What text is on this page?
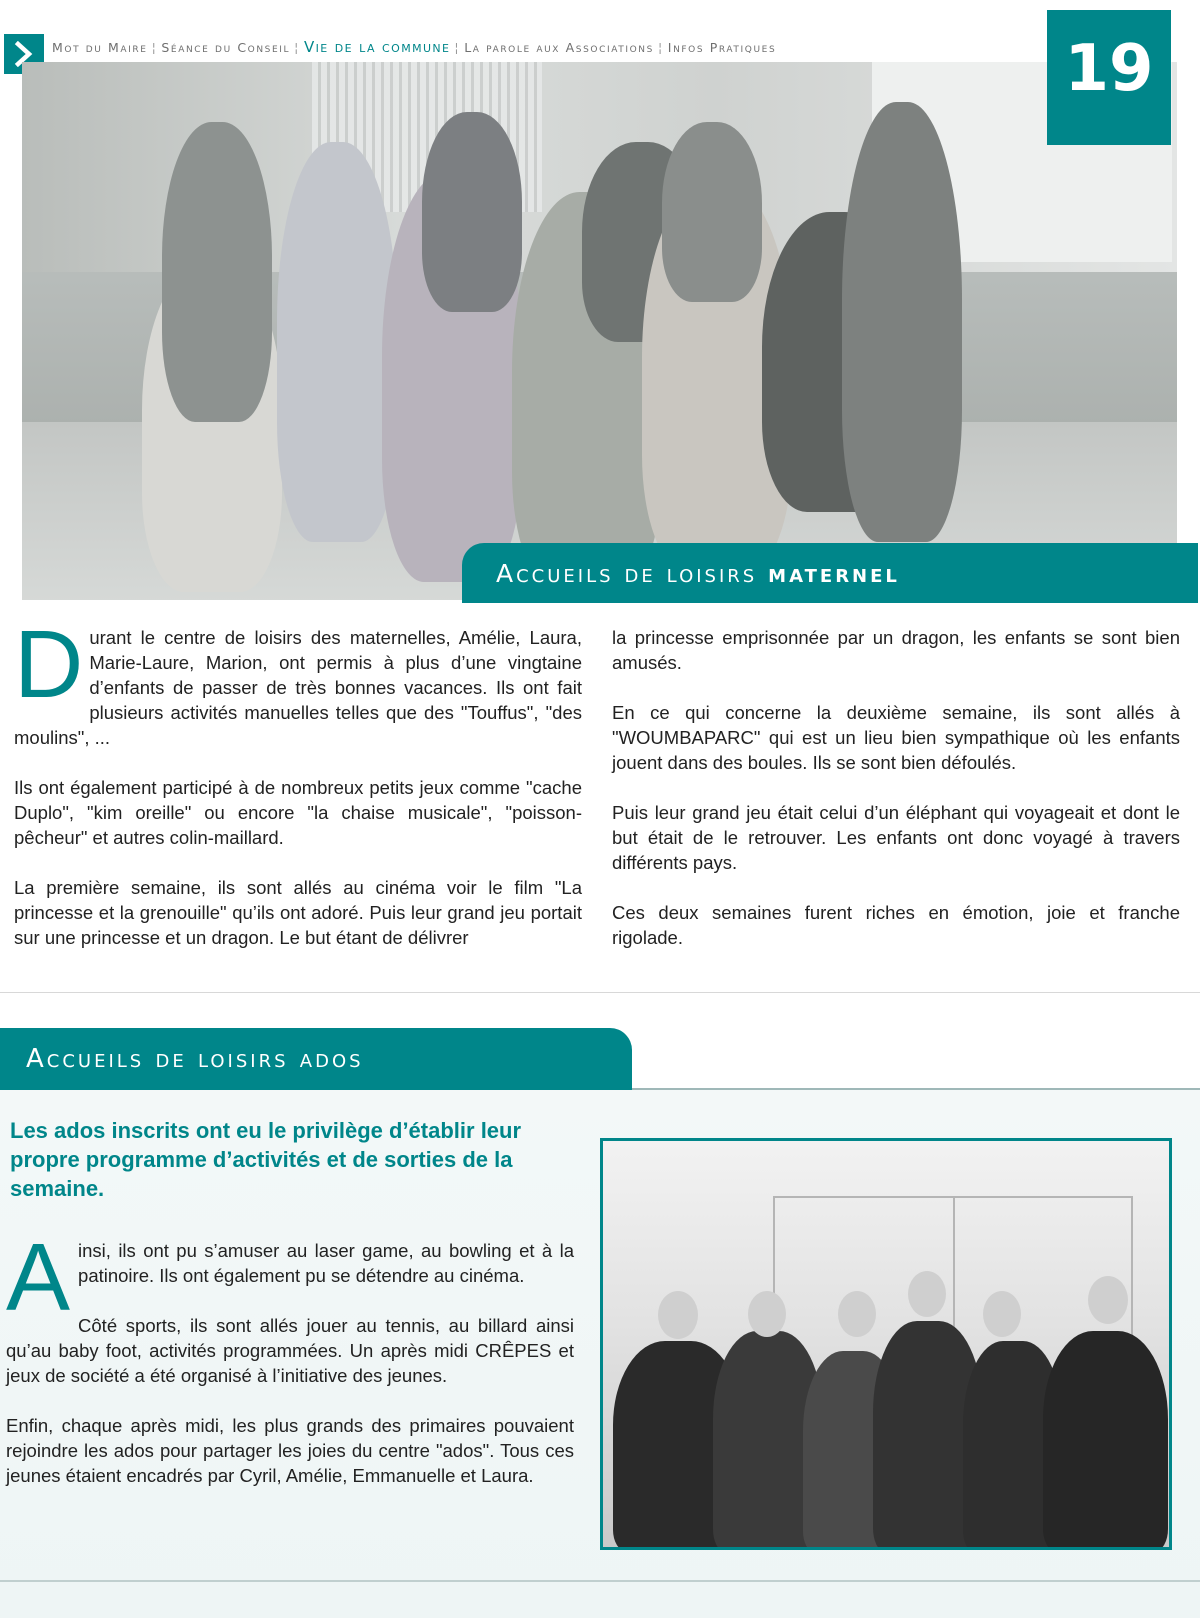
Mot du Maire ¦ Séance du Conseil ¦ Vie de la commune ¦ La parole aux Associations ¦ Infos Pratiques	19
Accueils de loisirs
maternel

Durant le centre de loisirs des maternelles, Amélie, Laura, Marie-Laure, Marion, ont permis à plus d’une vingtaine d’enfants de passer de très bonnes vacances. Ils ont fait plusieurs activités manuelles telles que des "Touffus", "des moulins", ...

Ils ont également participé à de nombreux petits jeux comme "cache Duplo", "kim oreille" ou encore "la chaise musicale", "poisson-pêcheur" et autres colin-maillard.

La première semaine, ils sont allés au cinéma voir le film "La princesse et la grenouille" qu’ils ont adoré. Puis leur grand jeu portait sur une princesse et un dragon. Le but étant de délivrer

la princesse emprisonnée par un dragon, les enfants se sont bien amusés.

En ce qui concerne la deuxième semaine, ils sont allés à "WOUMBAPARC" qui est un lieu bien sympathique où les enfants jouent dans des boules. Ils se sont bien défoulés.

Puis leur grand jeu était celui d’un éléphant qui voyageait et dont le but était de le retrouver. Les enfants ont donc voyagé à travers différents pays.

Ces deux semaines furent riches en émotion, joie et franche rigolade.

Accueils de loisirs ados
Les ados inscrits ont eu le privilège d’établir leur propre programme d’activités et de sorties de la semaine.

Ainsi, ils ont pu s’amuser au laser game, au bowling et à la patinoire. Ils ont également pu se détendre au cinéma.

Côté sports, ils sont allés jouer au tennis, au billard ainsi qu’au baby foot, activités programmées. Un après midi CRÊPES et jeux de société a été organisé à l’initiative des jeunes.

Enfin, chaque après midi, les plus grands des primaires pouvaient rejoindre les ados pour partager les joies du centre "ados". Tous ces jeunes étaient encadrés par Cyril, Amélie, Emmanuelle et Laura.
